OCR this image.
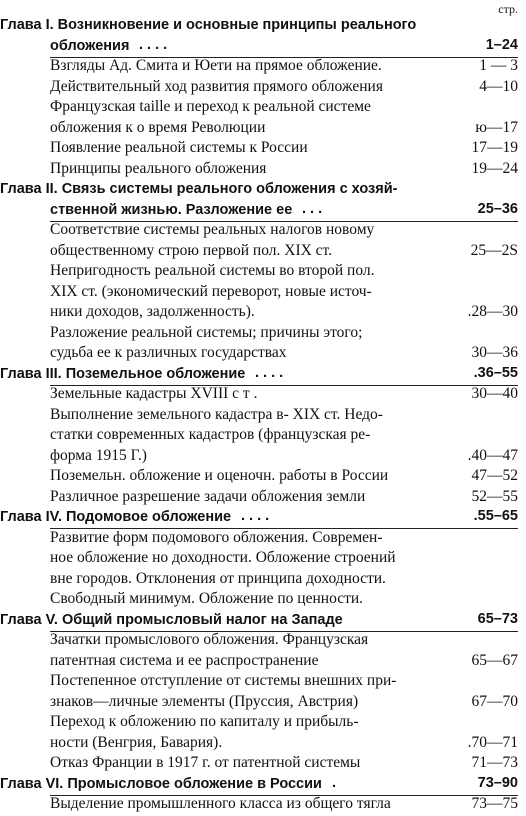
стр.
Глава I. Возникновение и основные принципы реального
обложения . . . .	1–24
Взгляды Ад. Смита и Юети на прямое обложение.	1 — 3
Действительный ход развития прямого обложения	4—10
Французская taille и переход к реальной системе
обложения к о время Революции	ю—17
Появление реальной системы к России	17—19
Принципы реального обложения	19—24
Глава II. Связь системы реального обложения с хозяй-
ственной жизнью. Разложение ее . . .	25–36
Соответствие системы реальных налогов новому
общественному строю первой пол. XIX ст.	25—2S
Непригодность реальной системы во второй пол.
XIX ст. (экономический переворот, новые источ-
ники доходов, задолженность).	.28—30
Разложение реальной системы; причины этого;
судьба ее к различных государствах	30—36
Глава III. Поземельное обложение . . . .	.36–55
Земельные кадастры XVIII с т .	30—40
Выполнение земельного кадастра в- XIX ст. Недо-
статки современных кадастров (французская ре-
форма 1915 Г.)	.40—47
Поземельн. обложение и оценочн. работы в России	47—52
Различное разрешение задачи обложения земли	52—55
Глава IV. Подомовое обложение . . . .	.55–65
Развитие форм подомового обложения. Современ-
ное обложение но доходности. Обложение строений
вне городов. Отклонения от принципа доходности.
Свободный минимум. Обложение по ценности.
Глава V. Общий промысловый налог на Западе	65–73
Зачатки промыслового обложения. Французская
патентная система и ее распространение	65—67
Постепенное отступление от системы внешних при-
знаков—личные элементы (Пруссия, Австрия)	67—70
Переход к обложению по капиталу и прибыль-
ности (Венгрия, Бавария).	.70—71
Отказ Франции в 1917 г. от патентной системы	71—73
Глава VI. Промысловое обложение в России .	73–90
Выделение промышленного класса из общего тягла	73—75
